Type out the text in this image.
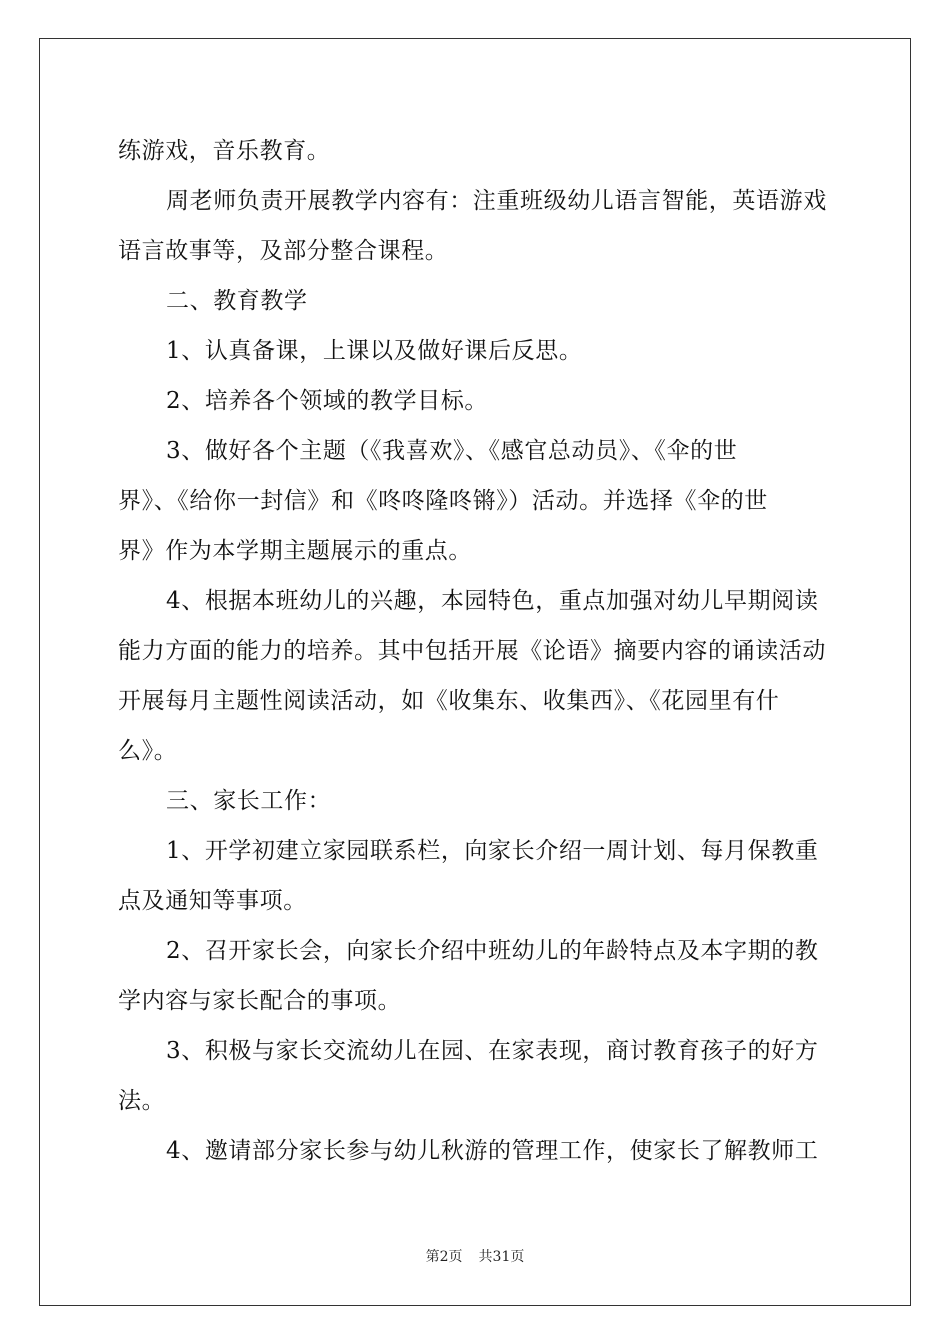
练游戏，音乐教育。
周老师负责开展教学内容有：注重班级幼儿语言智能，英语游戏
语言故事等，及部分整合课程。
二、教育教学
1、认真备课，上课以及做好课后反思。
2、培养各个领域的教学目标。
3、做好各个主题（《我喜欢》、《感官总动员》、《伞的世
界》、《给你一封信》和《咚咚隆咚锵》）活动。并选择《伞的世
界》作为本学期主题展示的重点。
4、根据本班幼儿的兴趣，本园特色，重点加强对幼儿早期阅读
能力方面的能力的培养。其中包括开展《论语》摘要内容的诵读活动
开展每月主题性阅读活动，如《收集东、收集西》、《花园里有什
么》。
三、家长工作：
1、开学初建立家园联系栏，向家长介绍一周计划、每月保教重
点及通知等事项。
2、召开家长会，向家长介绍中班幼儿的年龄特点及本字期的教
学内容与家长配合的事项。
3、积极与家长交流幼儿在园、在家表现，商讨教育孩子的好方
法。
4、邀请部分家长参与幼儿秋游的管理工作，使家长了解教师工
第2页 共31页
